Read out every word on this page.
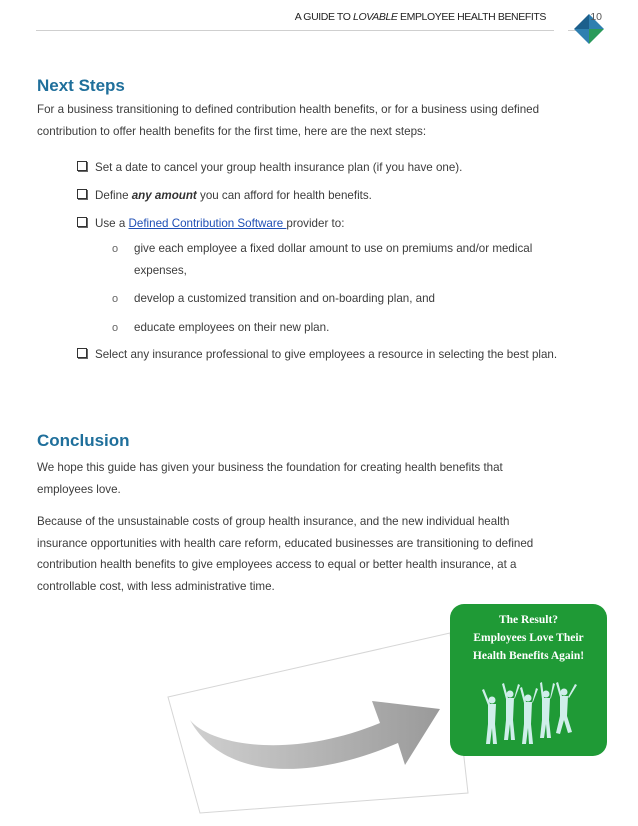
A GUIDE TO LOVABLE EMPLOYEE HEALTH BENEFITS	10
Next Steps

For a business transitioning to defined contribution health benefits, or for a business using defined
contribution to offer health benefits for the first time, here are the next steps:

Set a date to cancel your group health insurance plan (if you have one).
Define any amount you can afford for health benefits.
Use a Defined Contribution Software provider to:
o give each employee a fixed dollar amount to use on premiums and/or medical
expenses,
o develop a customized transition and on-boarding plan, and
o educate employees on their new plan.
Select any insurance professional to give employees a resource in selecting the best plan.
Conclusion

We hope this guide has given your business the foundation for creating health benefits that
employees love.

Because of the unsustainable costs of group health insurance, and the new individual health
insurance opportunities with health care reform, educated businesses are transitioning to defined
contribution health benefits to give employees access to equal or better health insurance, at a
controllable cost, with less administrative time.

The Result?
Employees Love Their
Health Benefits Again!
